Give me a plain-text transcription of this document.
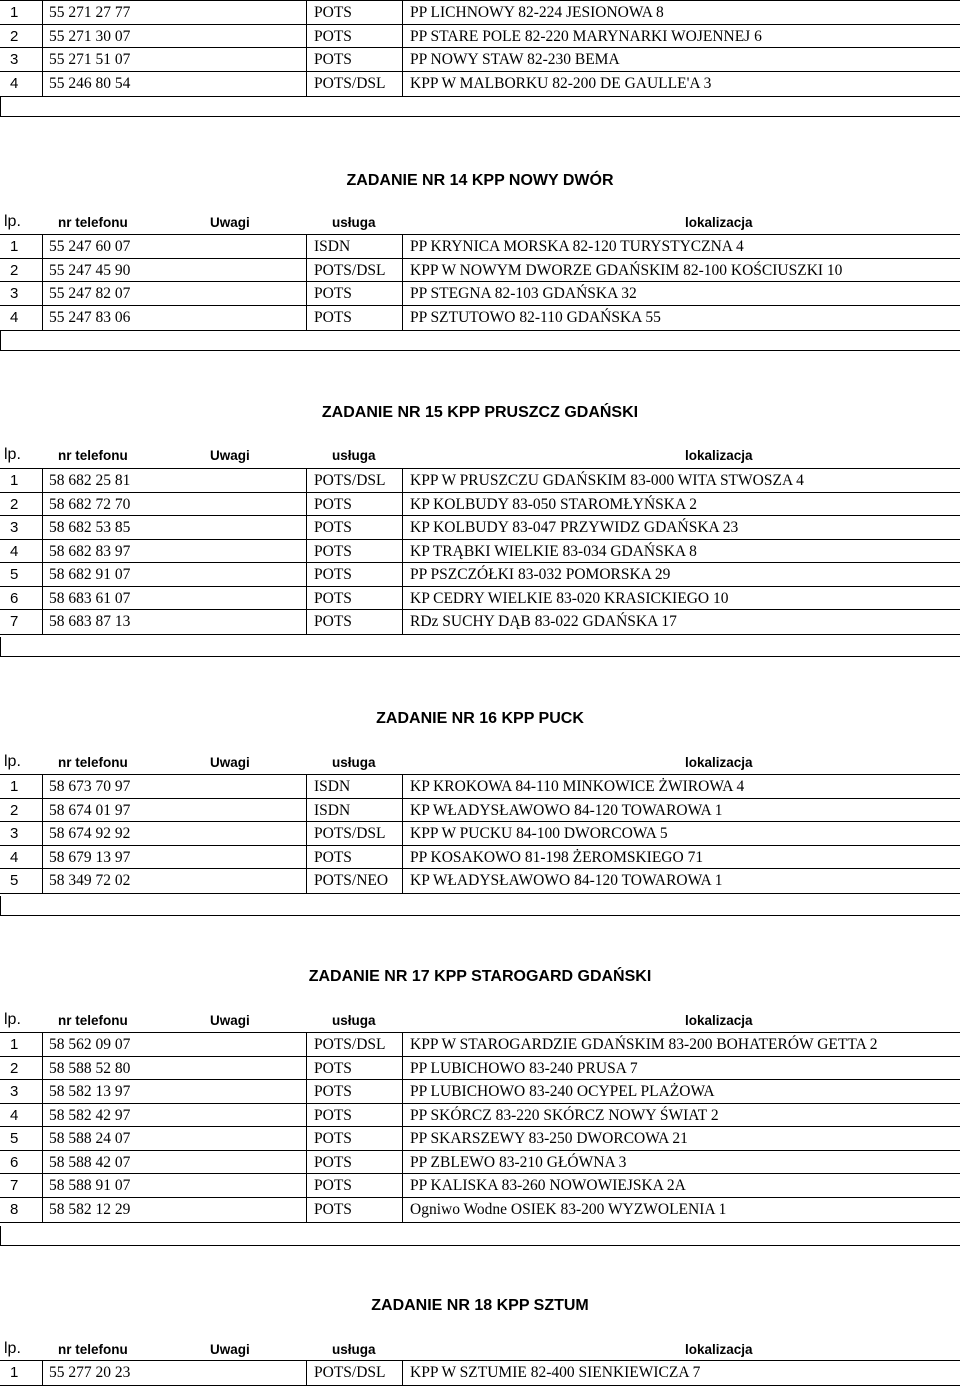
1	55 271 27 77	POTS	PP LICHNOWY 82-224 JESIONOWA 8
2	55 271 30 07	POTS	PP STARE POLE 82-220 MARYNARKI WOJENNEJ 6
3	55 271 51 07	POTS	PP NOWY STAW 82-230 BEMA
4	55 246 80 54	POTS/DSL	KPP W MALBORKU 82-200 DE GAULLE'A 3
ZADANIE NR 14 KPP NOWY DWÓR
lp.	nr telefonu	Uwagi	usługa	lokalizacja
1	55 247 60 07	ISDN	PP KRYNICA MORSKA 82-120 TURYSTYCZNA 4
2	55 247 45 90	POTS/DSL	KPP W NOWYM DWORZE GDAŃSKIM 82-100 KOŚCIUSZKI 10
3	55 247 82 07	POTS	PP STEGNA 82-103 GDAŃSKA 32
4	55 247 83 06	POTS	PP SZTUTOWO 82-110 GDAŃSKA 55
ZADANIE NR 15 KPP PRUSZCZ GDAŃSKI
lp.	nr telefonu	Uwagi	usługa	lokalizacja
1	58 682 25 81	POTS/DSL	KPP W PRUSZCZU GDAŃSKIM 83-000 WITA STWOSZA 4
2	58 682 72 70	POTS	KP KOLBUDY 83-050 STAROMŁYŃSKA 2
3	58 682 53 85	POTS	KP KOLBUDY 83-047 PRZYWIDZ GDAŃSKA 23
4	58 682 83 97	POTS	KP TRĄBKI WIELKIE 83-034 GDAŃSKA 8
5	58 682 91 07	POTS	PP PSZCZÓŁKI 83-032 POMORSKA 29
6	58 683 61 07	POTS	KP CEDRY WIELKIE 83-020 KRASICKIEGO 10
7	58 683 87 13	POTS	RDz SUCHY DĄB 83-022 GDAŃSKA 17
ZADANIE NR 16 KPP PUCK
lp.	nr telefonu	Uwagi	usługa	lokalizacja
1	58 673 70 97	ISDN	KP KROKOWA 84-110 MINKOWICE ŻWIROWA 4
2	58 674 01 97	ISDN	KP WŁADYSŁAWOWO 84-120 TOWAROWA 1
3	58 674 92 92	POTS/DSL	KPP W PUCKU 84-100 DWORCOWA 5
4	58 679 13 97	POTS	PP KOSAKOWO 81-198 ŻEROMSKIEGO 71
5	58 349 72 02	POTS/NEO	KP WŁADYSŁAWOWO 84-120 TOWAROWA 1
ZADANIE NR 17 KPP STAROGARD GDAŃSKI
lp.	nr telefonu	Uwagi	usługa	lokalizacja
1	58 562 09 07	POTS/DSL	KPP W STAROGARDZIE GDAŃSKIM 83-200 BOHATERÓW GETTA 2
2	58 588 52 80	POTS	PP LUBICHOWO 83-240 PRUSA 7
3	58 582 13 97	POTS	PP LUBICHOWO 83-240 OCYPEL PLAŻOWA
4	58 582 42 97	POTS	PP SKÓRCZ 83-220 SKÓRCZ NOWY ŚWIAT 2
5	58 588 24 07	POTS	PP SKARSZEWY 83-250 DWORCOWA 21
6	58 588 42 07	POTS	PP ZBLEWO 83-210 GŁÓWNA 3
7	58 588 91 07	POTS	PP KALISKA 83-260 NOWOWIEJSKA 2A
8	58 582 12 29	POTS	Ogniwo Wodne OSIEK 83-200 WYZWOLENIA 1
ZADANIE NR 18 KPP SZTUM
lp.	nr telefonu	Uwagi	usługa	lokalizacja
1	55 277 20 23	POTS/DSL	KPP W SZTUMIE 82-400 SIENKIEWICZA 7
